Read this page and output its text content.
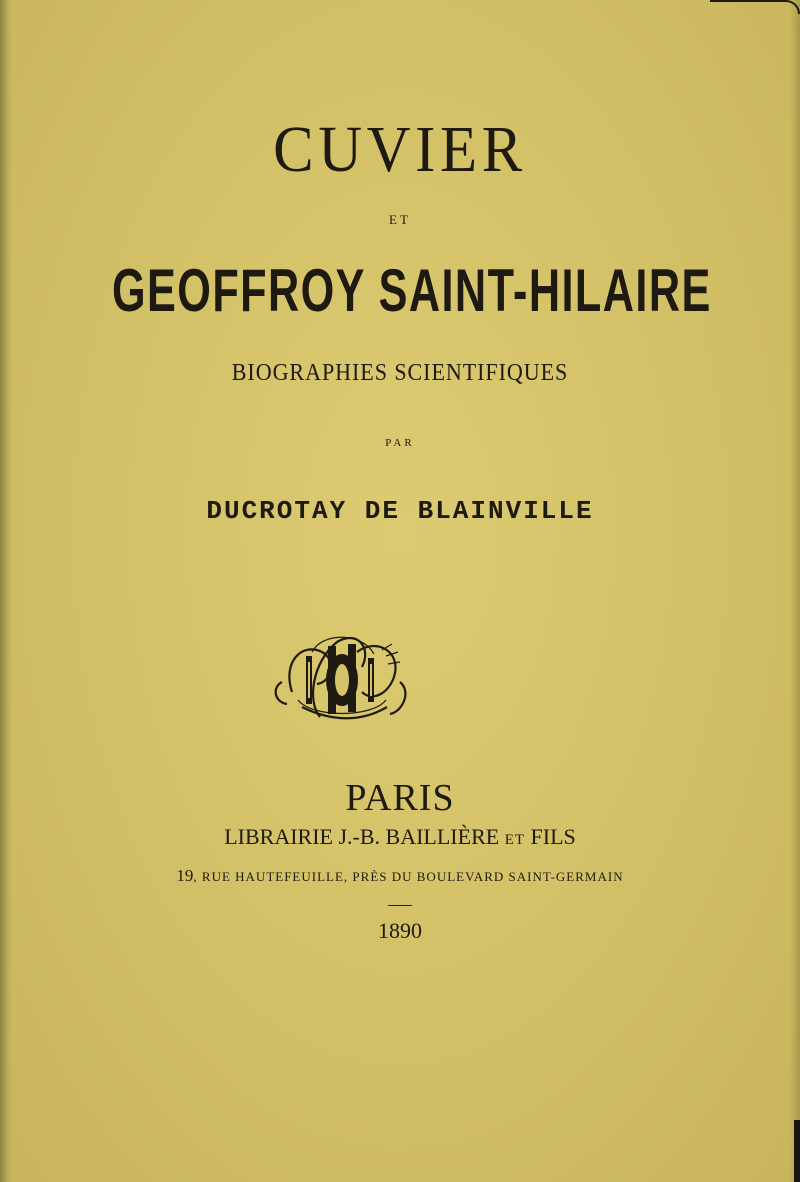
CUVIER
ET
GEOFFROY SAINT-HILAIRE
BIOGRAPHIES SCIENTIFIQUES
PAR
DUCROTAY DE BLAINVILLE
PARIS
LIBRAIRIE J.-B. BAILLIÈRE ET FILS
19, RUE HAUTEFEUILLE, PRÈS DU BOULEVARD SAINT-GERMAIN
1890
